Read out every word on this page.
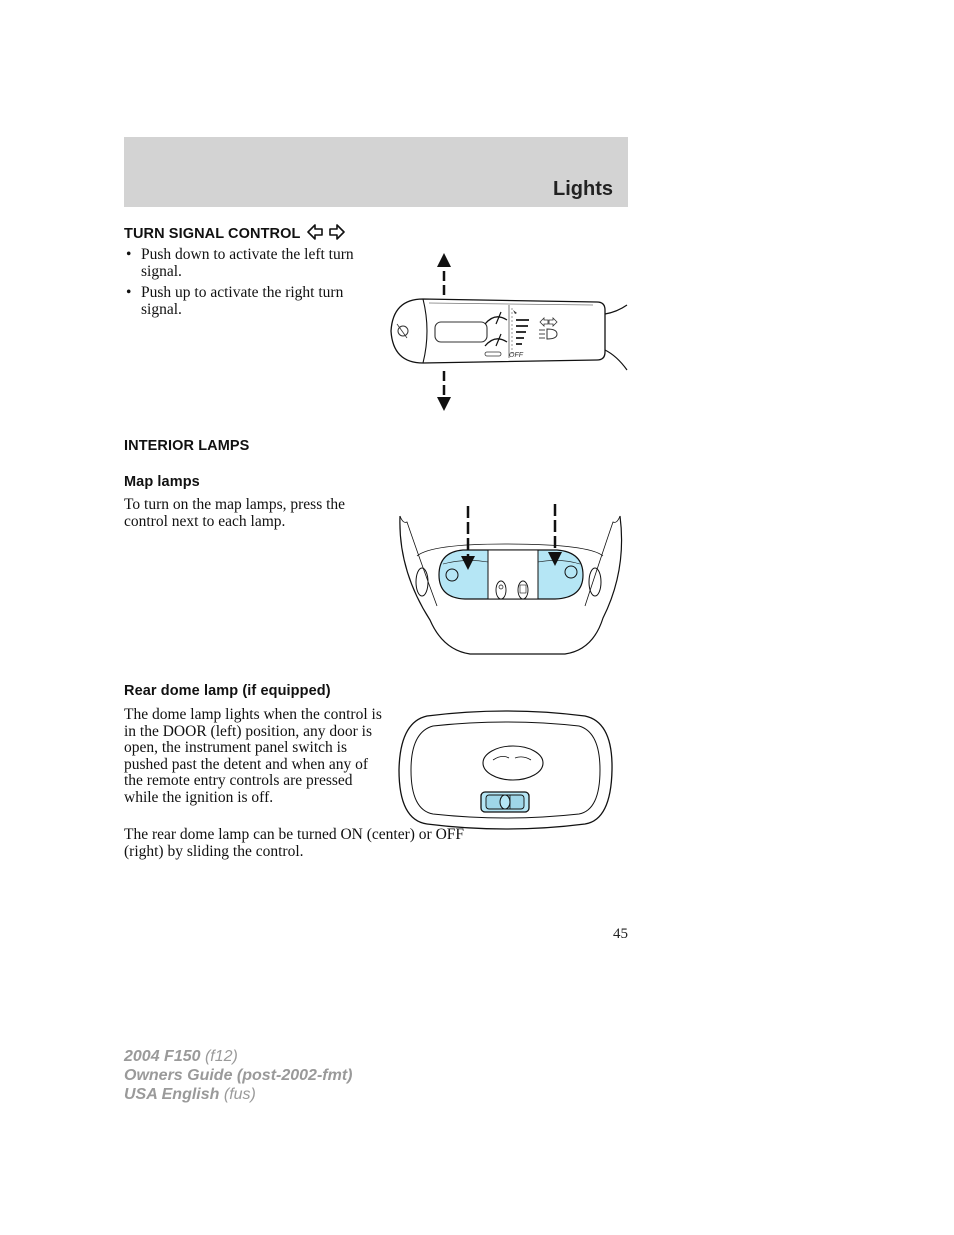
Lights
TURN SIGNAL CONTROL
• Push down to activate the left turn signal.
• Push up to activate the right turn signal.
OFF
INTERIOR LAMPS
Map lamps
To turn on the map lamps, press the control next to each lamp.
Rear dome lamp (if equipped)
The dome lamp lights when the control is in the DOOR (left) position, any door is open, the instrument panel switch is pushed past the detent and when any of the remote entry controls are pressed while the ignition is off.
The rear dome lamp can be turned ON (center) or OFF (right) by sliding the control.
45
2004 F150 (f12)
Owners Guide (post-2002-fmt)
USA English (fus)
